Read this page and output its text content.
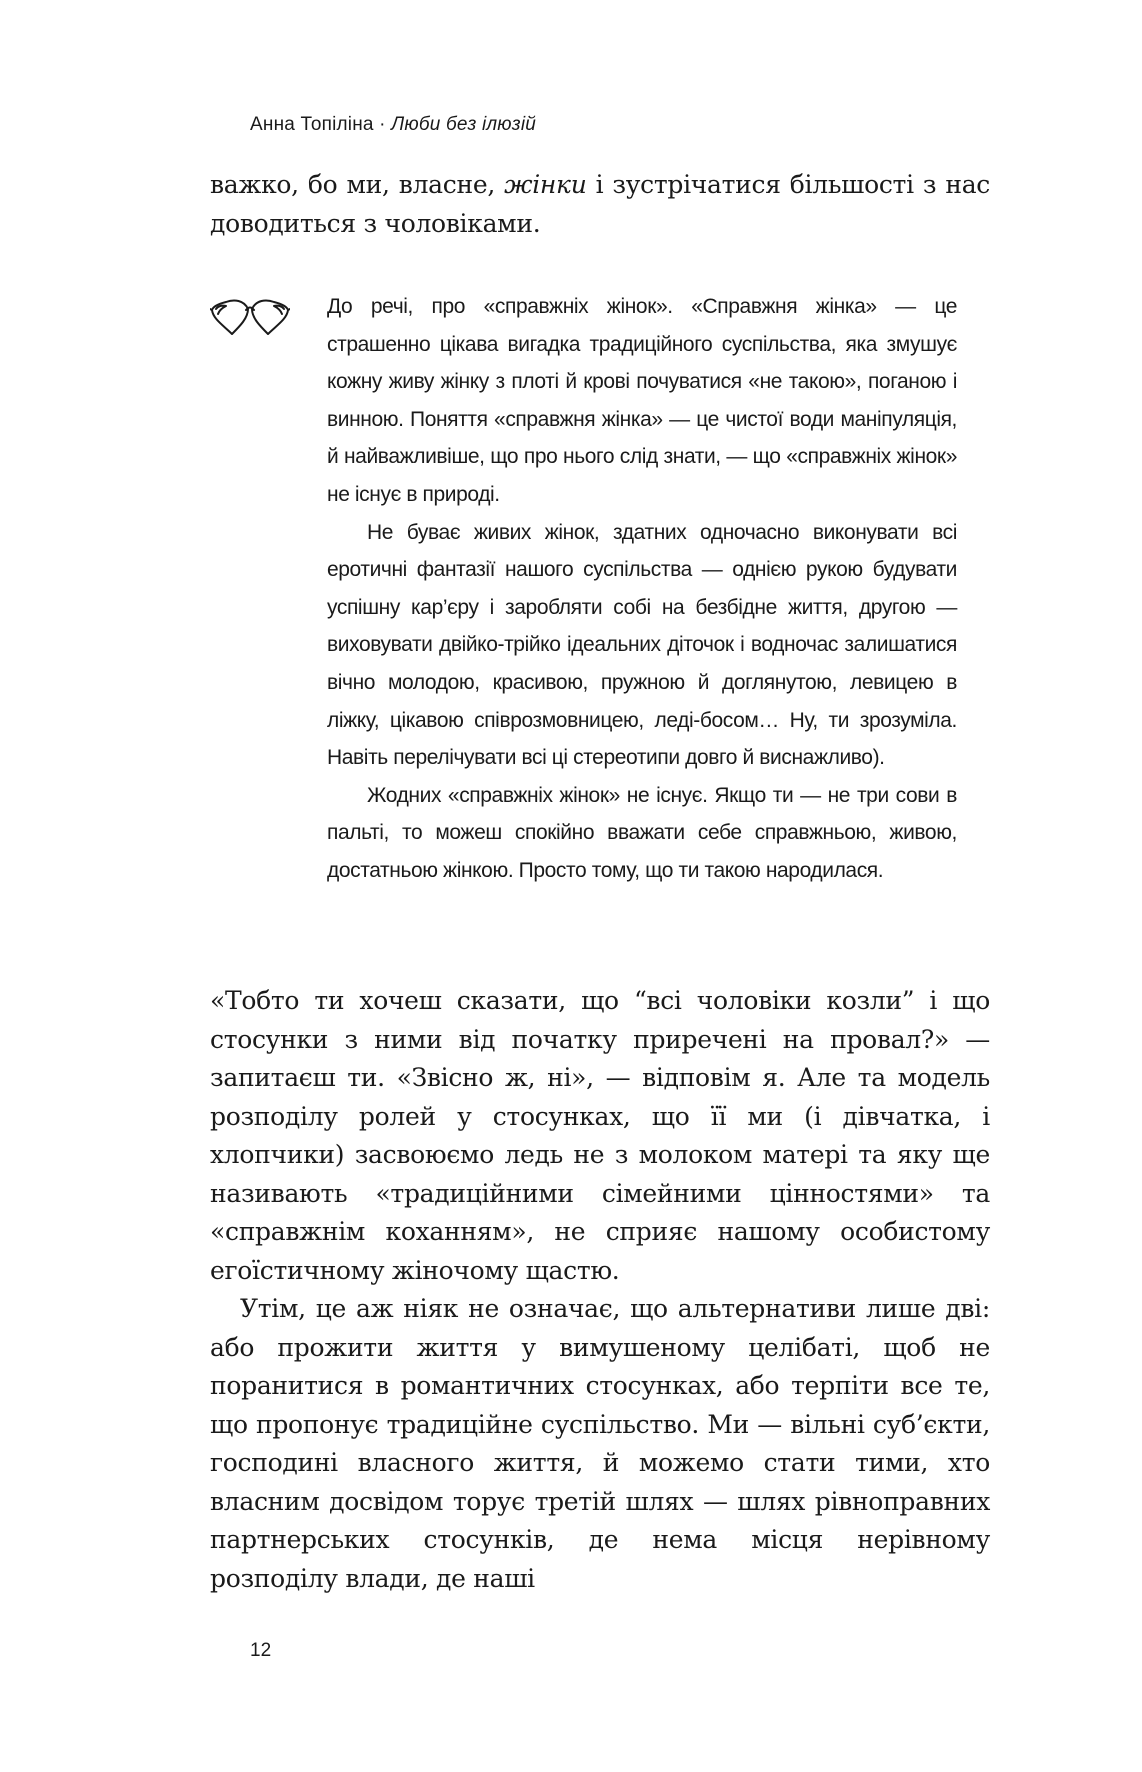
Анна Топіліна · Люби без ілюзій

важко, бо ми, власне, жінки і зустрічатися більшості з нас доводиться з чоловіками.

До речі, про «справжніх жінок». «Справжня жінка» — це страшенно цікава вигадка традиційного суспільства, яка змушує кожну живу жінку з плоті й крові почуватися «не такою», поганою і винною. Поняття «справжня жінка» — це чистої води маніпуляція, й найважливіше, що про нього слід знати, — що «справжніх жінок» не існує в природі.

Не буває живих жінок, здатних одночасно виконувати всі еротичні фантазії нашого суспільства — однією рукою будувати успішну кар’єру і заробляти собі на безбідне життя, другою — виховувати двійко-трійко ідеальних діточок і водночас залишатися вічно молодою, красивою, пружною й доглянутою, левицею в ліжку, цікавою співрозмовницею, леді-босом… Ну, ти зрозуміла. Навіть перелічувати всі ці стереотипи довго й виснажливо).

Жодних «справжніх жінок» не існує. Якщо ти — не три сови в пальті, то можеш спокійно вважати себе справжньою, живою, достатньою жінкою. Просто тому, що ти такою народилася.

«Тобто ти хочеш сказати, що “всі чоловіки козли” і що стосунки з ними від початку приречені на провал?» — запитаєш ти. «Звісно ж, ні», — відповім я. Але та модель розподілу ролей у стосунках, що її ми (і дівчатка, і хлопчики) засвоюємо ледь не з молоком матері та яку ще називають «традиційними сімейними цінностями» та «справжнім коханням», не сприяє нашому особистому егоїстичному жіночому щастю.

Утім, це аж ніяк не означає, що альтернативи лише дві: або прожити життя у вимушеному целібаті, щоб не поранитися в романтичних стосунках, або терпіти все те, що пропонує традиційне суспільство. Ми — вільні суб’єкти, господині власного життя, й можемо стати тими, хто власним досвідом торує третій шлях — шлях рівноправних партнерських стосунків, де нема місця нерівному розподілу влади, де наші

12
